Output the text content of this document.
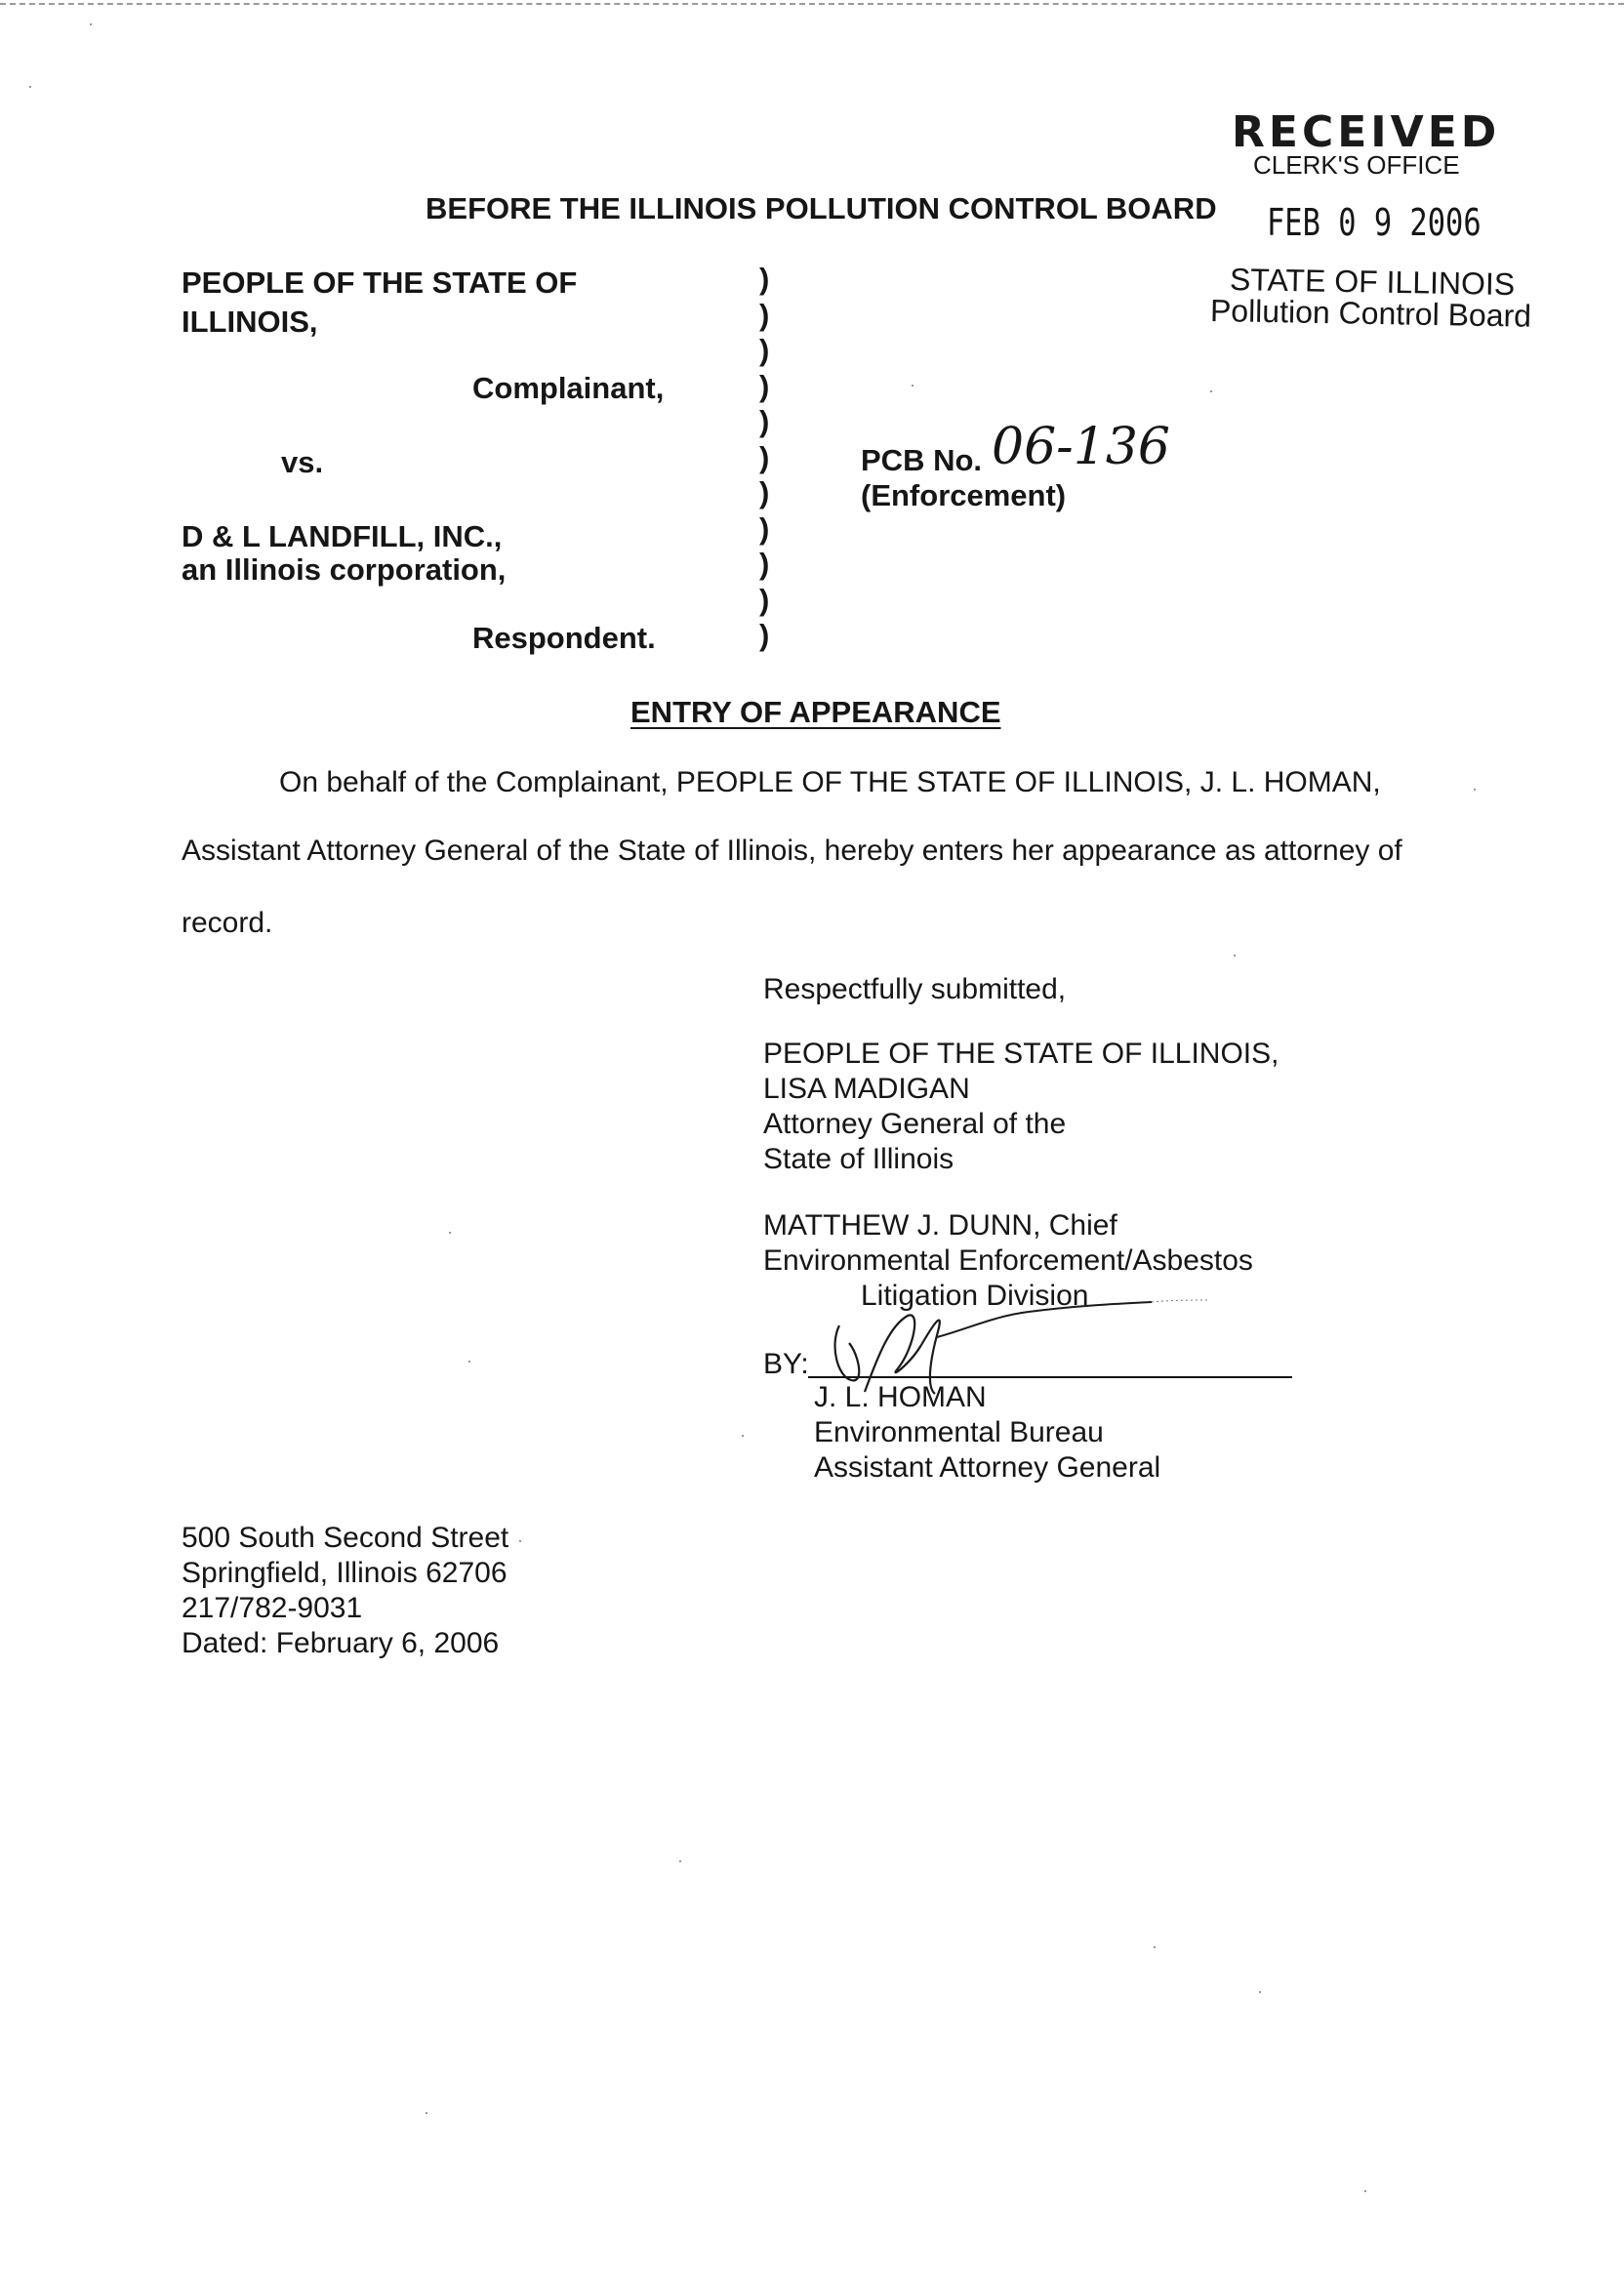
RECEIVED
CLERK'S OFFICE
FEB 0 9 2006
STATE OF ILLINOIS
Pollution Control Board
BEFORE THE ILLINOIS POLLUTION CONTROL BOARD
PEOPLE OF THE STATE OF
ILLINOIS,
Complainant,
vs.
D & L LANDFILL, INC.,
an Illinois corporation,
Respondent.
)
)
)
)
)
)
)
)
)
)
)
PCB No. 06-136
(Enforcement)
ENTRY OF APPEARANCE
On behalf of the Complainant, PEOPLE OF THE STATE OF ILLINOIS, J. L. HOMAN,
Assistant Attorney General of the State of Illinois, hereby enters her appearance as attorney of
record.
Respectfully submitted,
PEOPLE OF THE STATE OF ILLINOIS,
LISA MADIGAN
Attorney General of the
State of Illinois
MATTHEW J. DUNN, Chief
Environmental Enforcement/Asbestos
Litigation Division
BY:
J. L. HOMAN
Environmental Bureau
Assistant Attorney General
500 South Second Street
Springfield, Illinois 62706
217/782-9031
Dated: February 6, 2006
